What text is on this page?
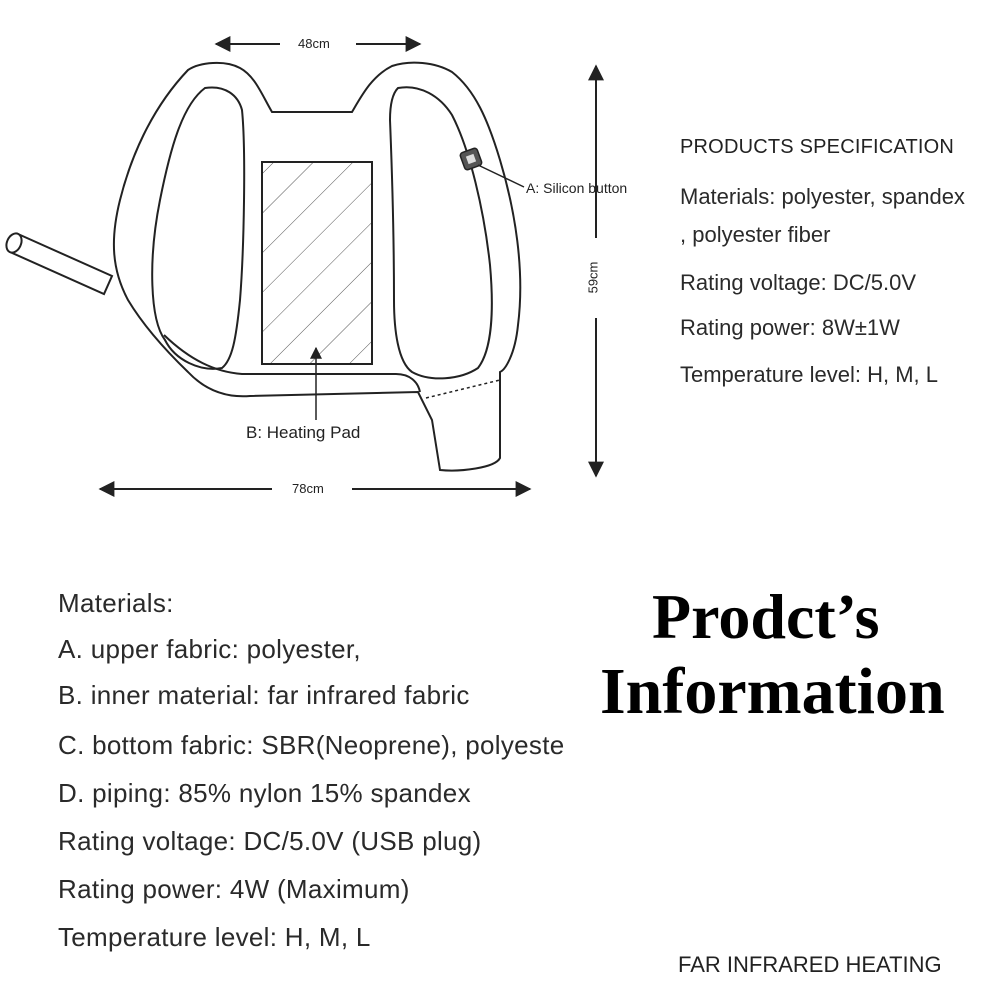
48cm
78cm
59cm
A: Silicon button
B: Heating Pad
PRODUCTS SPECIFICATION
Materials: polyester, spandex
, polyester fiber
Rating voltage: DC/5.0V
Rating power: 8W±1W
Temperature level: H, M, L
Materials:
A. upper fabric: polyester,
B. inner material: far infrared fabric
C. bottom fabric: SBR(Neoprene), polyeste
D. piping: 85% nylon 15% spandex
Rating voltage: DC/5.0V (USB plug)
Rating power: 4W (Maximum)
Temperature level: H, M, L
Prodct’s
Information
FAR INFRARED HEATING
